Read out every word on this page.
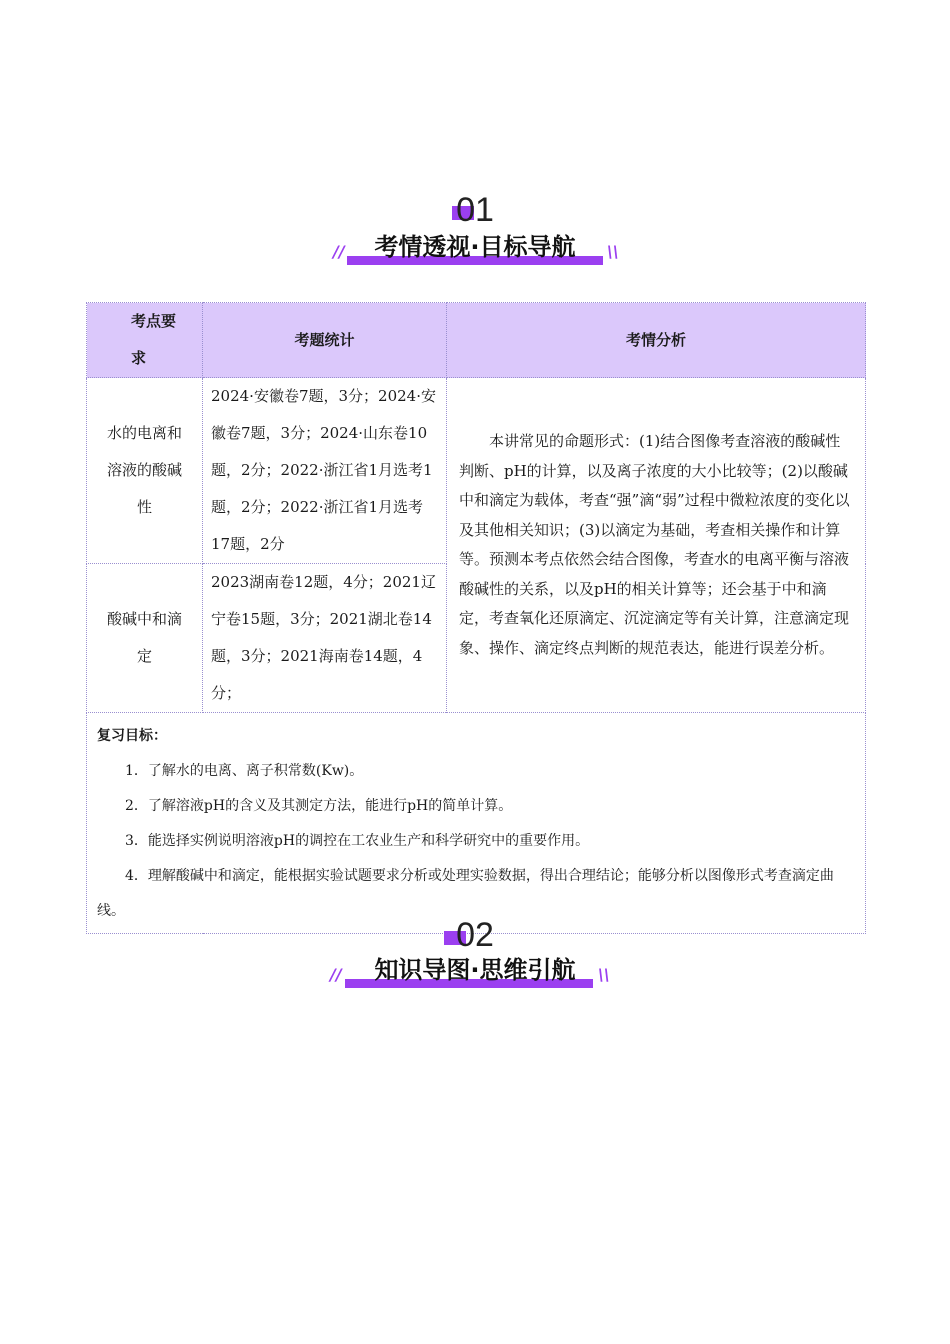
01
//	\\
考情透视·目标导航
考点要求	考题统计	考情分析
水的电离和溶液的酸碱性	2024·安徽卷7题，3分；2024·安徽卷7题，3分；2024·山东卷10题，2分；2022·浙江省1月选考1题，2分；2022·浙江省1月选考17题，2分	本讲常见的命题形式：(1)结合图像考查溶液的酸碱性判断、pH的计算，以及离子浓度的大小比较等；(2)以酸碱中和滴定为载体，考查“强”滴“弱”过程中微粒浓度的变化以及其他相关知识；(3)以滴定为基础，考查相关操作和计算等。预测本考点依然会结合图像，考查水的电离平衡与溶液酸碱性的关系，以及pH的相关计算等；还会基于中和滴定，考查氧化还原滴定、沉淀滴定等有关计算，注意滴定现象、操作、滴定终点判断的规范表达，能进行误差分析。
酸碱中和滴定	2023湖南卷12题，4分；2021辽宁卷15题，3分；2021湖北卷14题，3分；2021海南卷14题，4分；	

复习目标：
1．了解水的电离、离子积常数(Kw)。
2．了解溶液pH的含义及其测定方法，能进行pH的简单计算。
3．能选择实例说明溶液pH的调控在工农业生产和科学研究中的重要作用。
4．理解酸碱中和滴定，能根据实验试题要求分析或处理实验数据，得出合理结论；能够分析以图像形式考查滴定曲线。		
02
//	\\
知识导图·思维引航
